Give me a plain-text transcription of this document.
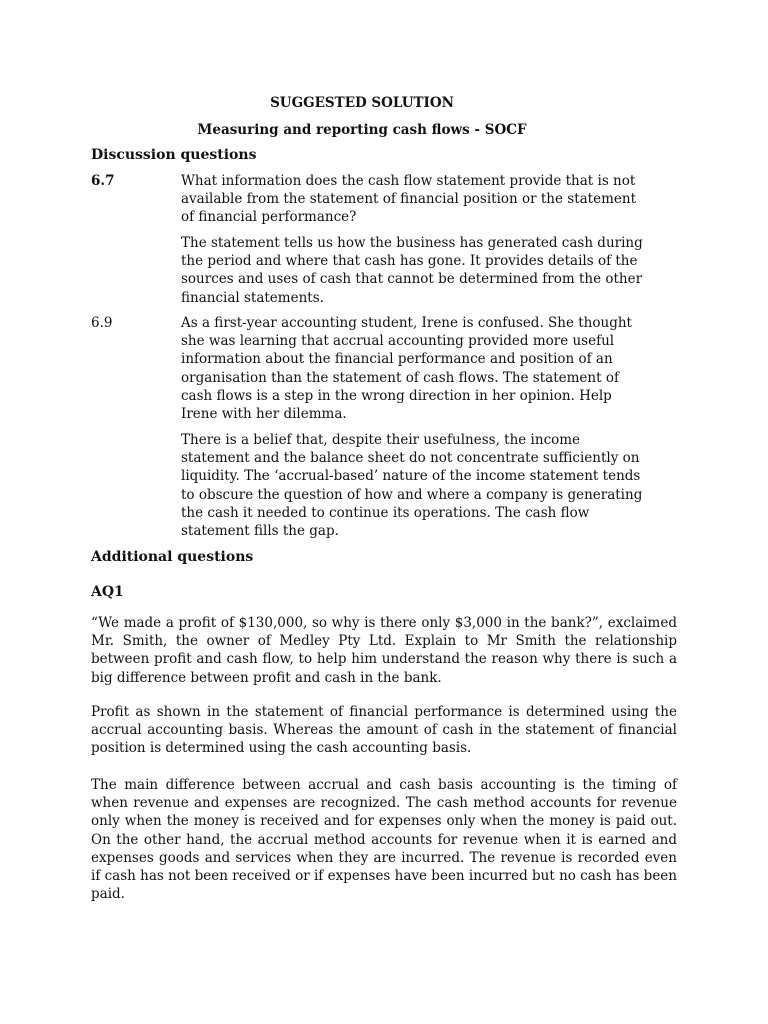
SUGGESTED SOLUTION

Measuring and reporting cash flows - SOCF

Discussion questions

6.7	What information does the cash flow statement provide that is not available from the statement of financial position or the statement of financial performance?

The statement tells us how the business has generated cash during the period and where that cash has gone. It provides details of the sources and uses of cash that cannot be determined from the other financial statements.

6.9	As a first-year accounting student, Irene is confused. She thought she was learning that accrual accounting provided more useful information about the financial performance and position of an organisation than the statement of cash flows. The statement of cash flows is a step in the wrong direction in her opinion. Help Irene with her dilemma.

There is a belief that, despite their usefulness, the income statement and the balance sheet do not concentrate sufficiently on liquidity. The ‘accrual-based’ nature of the income statement tends to obscure the question of how and where a company is generating the cash it needed to continue its operations. The cash flow statement fills the gap.

Additional questions

AQ1

“We made a profit of $130,000, so why is there only $3,000 in the bank?”, exclaimed Mr. Smith, the owner of Medley Pty Ltd. Explain to Mr Smith the relationship between profit and cash flow, to help him understand the reason why there is such a big difference between profit and cash in the bank.

Profit as shown in the statement of financial performance is determined using the accrual accounting basis. Whereas the amount of cash in the statement of financial position is determined using the cash accounting basis.

The main difference between accrual and cash basis accounting is the timing of when revenue and expenses are recognized. The cash method accounts for revenue only when the money is received and for expenses only when the money is paid out. On the other hand, the accrual method accounts for revenue when it is earned and expenses goods and services when they are incurred. The revenue is recorded even if cash has not been received or if expenses have been incurred but no cash has been paid.
